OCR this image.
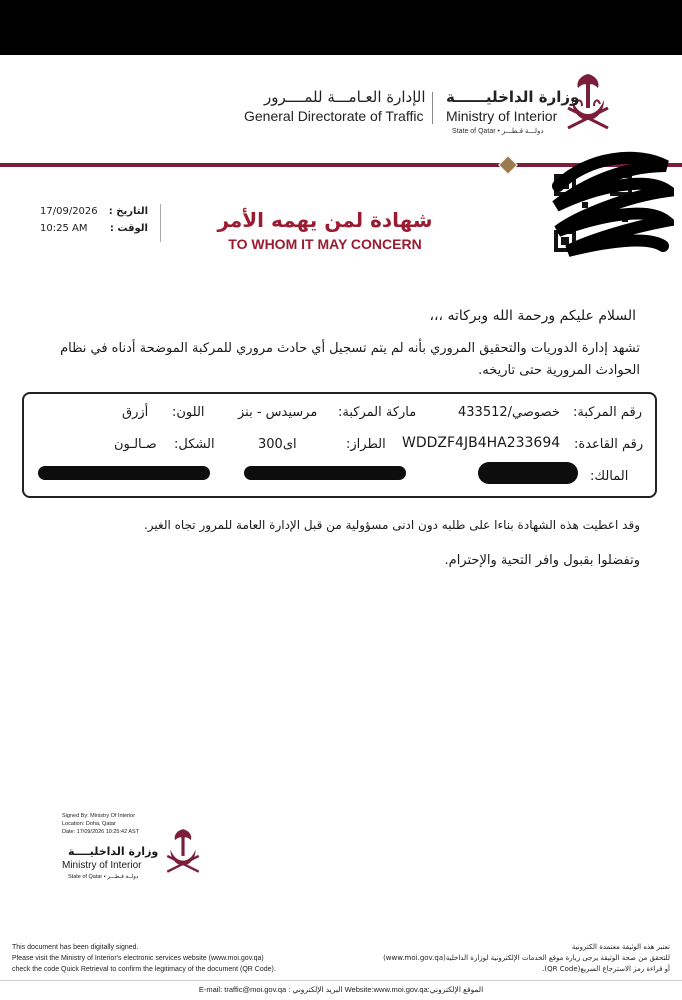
وزارة الداخليــــــة
Ministry of Interior
State of Qatar • دولـــة قـطـــر
الإدارة العـامـــة للمــــرور
General Directorate of Traffic
17/09/2026 التاريخ :
10:25 AM الوقت :	شهادة لمن يهمه الأمر
TO WHOM IT MAY CONCERN
السلام عليكم ورحمة الله وبركاته ،،،
تشهد إدارة الدوريات والتحقيق المروري بأنه لم يتم تسجيل أي حادث مروري للمركبة الموضحة أدناه في نظام الحوادث المرورية حتى تاريخه.
رقم المركبة:
خصوصي/433512
ماركة المركبة:
مرسيدس - بنز
اللون:
أزرق
رقم القاعدة:
WDDZF4JB4HA233694
الطراز:
ای300
الشكل:
صـالـون
المالك:
وقد اعطيت هذه الشهادة بناءا على طلبه دون ادنى مسؤولية من قبل الإدارة العامة للمرور تجاه الغير.
وتفضلوا بقبول وافر التحية والإحترام.
Signed By: Ministry Of Interior
Location: Doha, Qatar
Date: 17/09/2026 10:25:42 AST
وزارة الداخليــــة
Ministry of Interior
State of Qatar • دولــة قـطـــر
This document has been digitally signed.
Please visit the Ministry of Interior's electronic services website (www.moi.gov.qa)
check the code Quick Retrieval to confirm the legitimacy of the document (QR Code).
تعتبر هذه الوثيقة معتمدة الكترونية
للتحقق من صحة الوثيقة يرجى زيارة موقع الخدمات الإلكترونية لوزارة الداخلية(www.moi.gov.qa)
أو قراءة رمز الاسترجاع السريع(QR Code).
E-mail: traffic@moi.gov.qa : البريد الإلكتروني Website:www.moi.gov.qa:الموقع الإلكتروني
